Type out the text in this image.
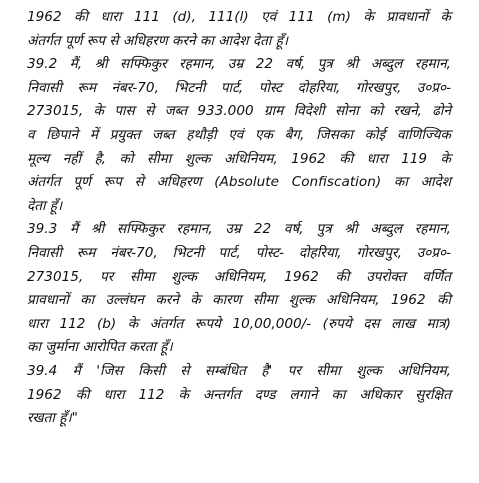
1962 की धारा 111 (d), 111(l) एवं 111 (m) के प्रावधानों के
अंतर्गत पूर्ण रूप से अधिहरण करने का आदेश देता हूँ।
39.2 मैं, श्री सफ्फिकुर रहमान, उम्र 22 वर्ष, पुत्र श्री अब्दुल रहमान,
निवासी रूम नंबर-70, भिटनी पार्ट, पोस्ट दोहरिया, गोरखपुर, उ०प्र०-
273015, के पास से जब्त 933.000 ग्राम विदेशी सोना को रखने, ढोने
व छिपाने में प्रयुक्त जब्त हथौड़ी एवं एक बैग, जिसका कोई वाणिज्यिक
मूल्य नहीं है, को सीमा शुल्क अधिनियम, 1962 की धारा 119 के
अंतर्गत पूर्ण रूप से अधिहरण (Absolute Confiscation) का आदेश
देता हूँ।
39.3 मैं श्री सफ्फिकुर रहमान, उम्र 22 वर्ष, पुत्र श्री अब्दुल रहमान,
निवासी रूम नंबर-70, भिटनी पार्ट, पोस्ट- दोहरिया, गोरखपुर, उ०प्र०-
273015, पर सीमा शुल्क अधिनियम, 1962 की उपरोक्त वर्णित
प्रावधानों का उल्लंघन करने के कारण सीमा शुल्क अधिनियम, 1962 की
धारा 112 (b) के अंतर्गत रूपये 10,00,000/- (रुपये दस लाख मात्र)
का जुर्माना आरोपित करता हूँ।
39.4 मैं 'जिस किसी से सम्बंधित है' पर सीमा शुल्क अधिनियम,
1962 की धारा 112 के अन्तर्गत दण्ड लगाने का अधिकार सुरक्षित
रखता हूँ।"
